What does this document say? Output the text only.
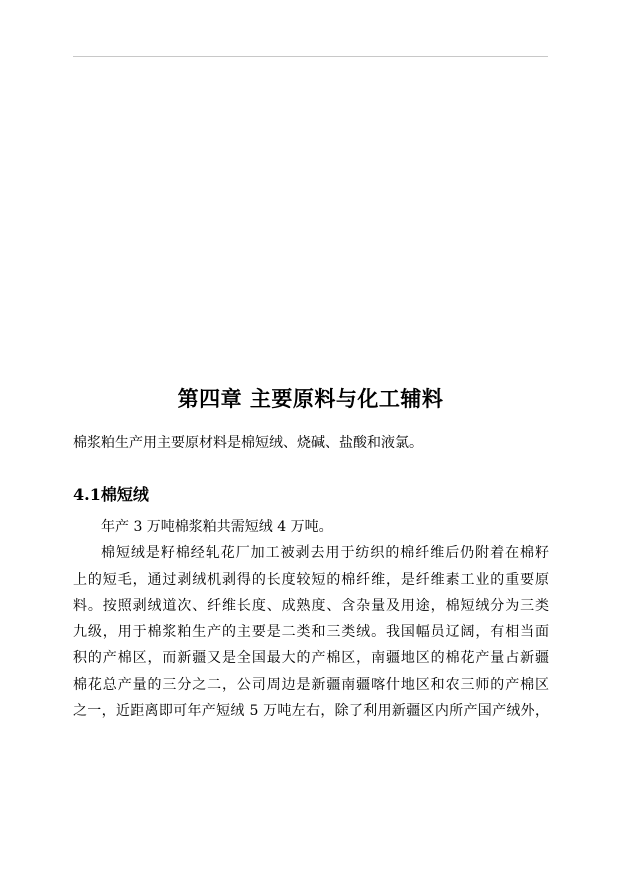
第四章 主要原料与化工辅料
棉浆粕生产用主要原材料是棉短绒、烧碱、盐酸和液氯。
4.1棉短绒
年产 3 万吨棉浆粕共需短绒 4 万吨。
棉短绒是籽棉经轧花厂加工被剥去用于纺织的棉纤维后仍附着在棉籽
上的短毛，通过剥绒机剥得的长度较短的棉纤维，是纤维素工业的重要原
料。按照剥绒道次、纤维长度、成熟度、含杂量及用途，棉短绒分为三类
九级，用于棉浆粕生产的主要是二类和三类绒。我国幅员辽阔，有相当面
积的产棉区，而新疆又是全国最大的产棉区，南疆地区的棉花产量占新疆
棉花总产量的三分之二，公司周边是新疆南疆喀什地区和农三师的产棉区
之一，近距离即可年产短绒 5 万吨左右，除了利用新疆区内所产国产绒外，
